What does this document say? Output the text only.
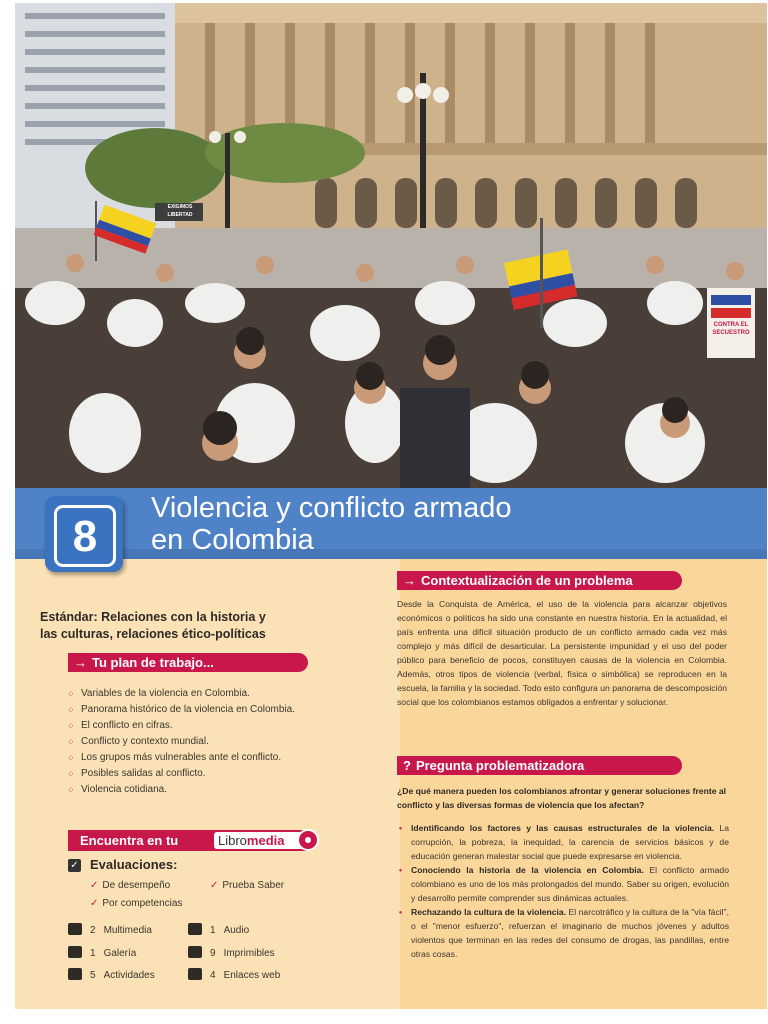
EXIGIMOS
LIBERTAD
CONTRA EL SECUESTRO
Violencia y conflicto armado
en Colombia
Estándar: Relaciones con la historia y
las culturas, relaciones ético-políticas
→ Tu plan de trabajo...
⁘ Variables de la violencia en Colombia.
⁘ Panorama histórico de la violencia en Colombia.
⁘ El conflicto en cifras.
⁘ Conflicto y contexto mundial.
⁘ Los grupos más vulnerables ante el conflicto.
⁘ Posibles salidas al conflicto.
⁘ Violencia cotidiana.
Encuentra en tu	Libromedia
✓ Evaluaciones:
✓ De desempeño	✓ Prueba Saber
✓ Por competencias
2 Multimedia	1 Audio
1 Galería	9 Imprimibles
5 Actividades	4 Enlaces web
→ Contextualización de un problema
Desde la Conquista de América, el uso de la violencia para alcanzar objetivos económicos o políticos ha sido una constante en nuestra historia. En la actualidad, el país enfrenta una difícil situación producto de un conflicto armado cada vez más complejo y más difícil de desarticular. La persistente impunidad y el uso del poder público para beneficio de pocos, constituyen causas de la violencia en Colombia. Además, otros tipos de violencia (verbal, física o simbólica) se reproducen en la escuela, la familia y la sociedad. Todo esto configura un panorama de descomposición social que los colombianos estamos obligados a enfrentar y solucionar.
? Pregunta problematizadora
¿De qué manera pueden los colombianos afrontar y generar soluciones frente al conflicto y las diversas formas de violencia que los afectan?
• Identificando los factores y las causas estructurales de la violencia. La corrupción, la pobreza, la inequidad, la carencia de servicios básicos y de educación generan malestar social que puede expresarse en violencia.
• Conociendo la historia de la violencia en Colombia. El conflicto armado colombiano es uno de los más prolongados del mundo. Saber su origen, evolución y desarrollo permite comprender sus dinámicas actuales.
• Rechazando la cultura de la violencia. El narcotráfico y la cultura de la "vía fácil", o el "menor esfuerzo", refuerzan el imaginario de muchos jóvenes y adultos violentos que terminan en las redes del consumo de drogas, las pandillas, entre otras cosas.
8
